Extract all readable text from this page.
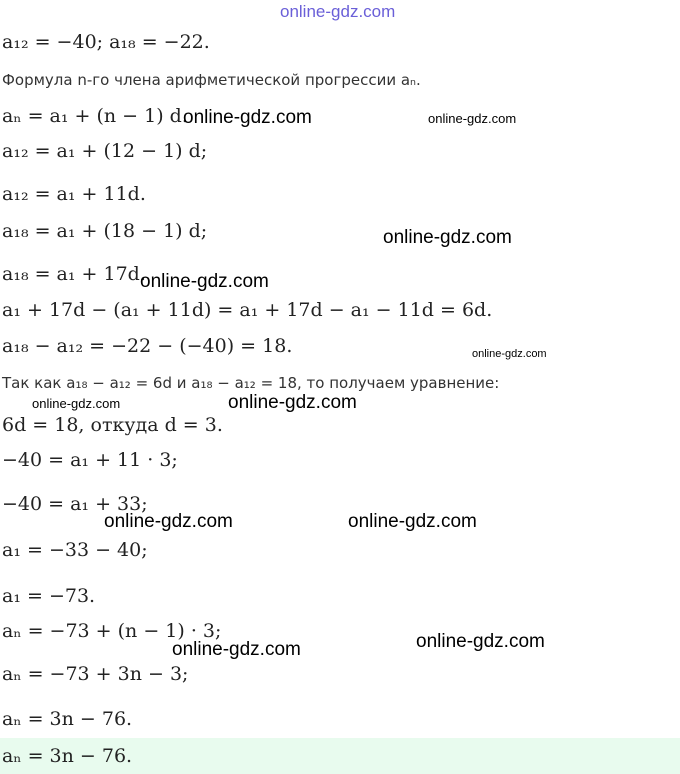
a₁₂ = −40; a₁₈ = −22.
Формула n-го члена арифметической прогрессии aₙ.
aₙ = a₁ + (n − 1) d.
a₁₂ = a₁ + (12 − 1) d;
a₁₂ = a₁ + 11d.
a₁₈ = a₁ + (18 − 1) d;
a₁₈ = a₁ + 17d.
a₁ + 17d − (a₁ + 11d) = a₁ + 17d − a₁ − 11d = 6d.
a₁₈ − a₁₂ = −22 − (−40) = 18.
Так как a₁₈ − a₁₂ = 6d и a₁₈ − a₁₂ = 18, то получаем уравнение:
6d = 18, откуда d = 3.
−40 = a₁ + 11 · 3;
−40 = a₁ + 33;
a₁ = −33 − 40;
a₁ = −73.
aₙ = −73 + (n − 1) · 3;
aₙ = −73 + 3n − 3;
aₙ = 3n − 76.
aₙ = 3n − 76.
online-gdz.com
online-gdz.com	online-gdz.com
online-gdz.com
online-gdz.com
online-gdz.com
online-gdz.com	online-gdz.com
online-gdz.com	online-gdz.com
online-gdz.com
online-gdz.com
